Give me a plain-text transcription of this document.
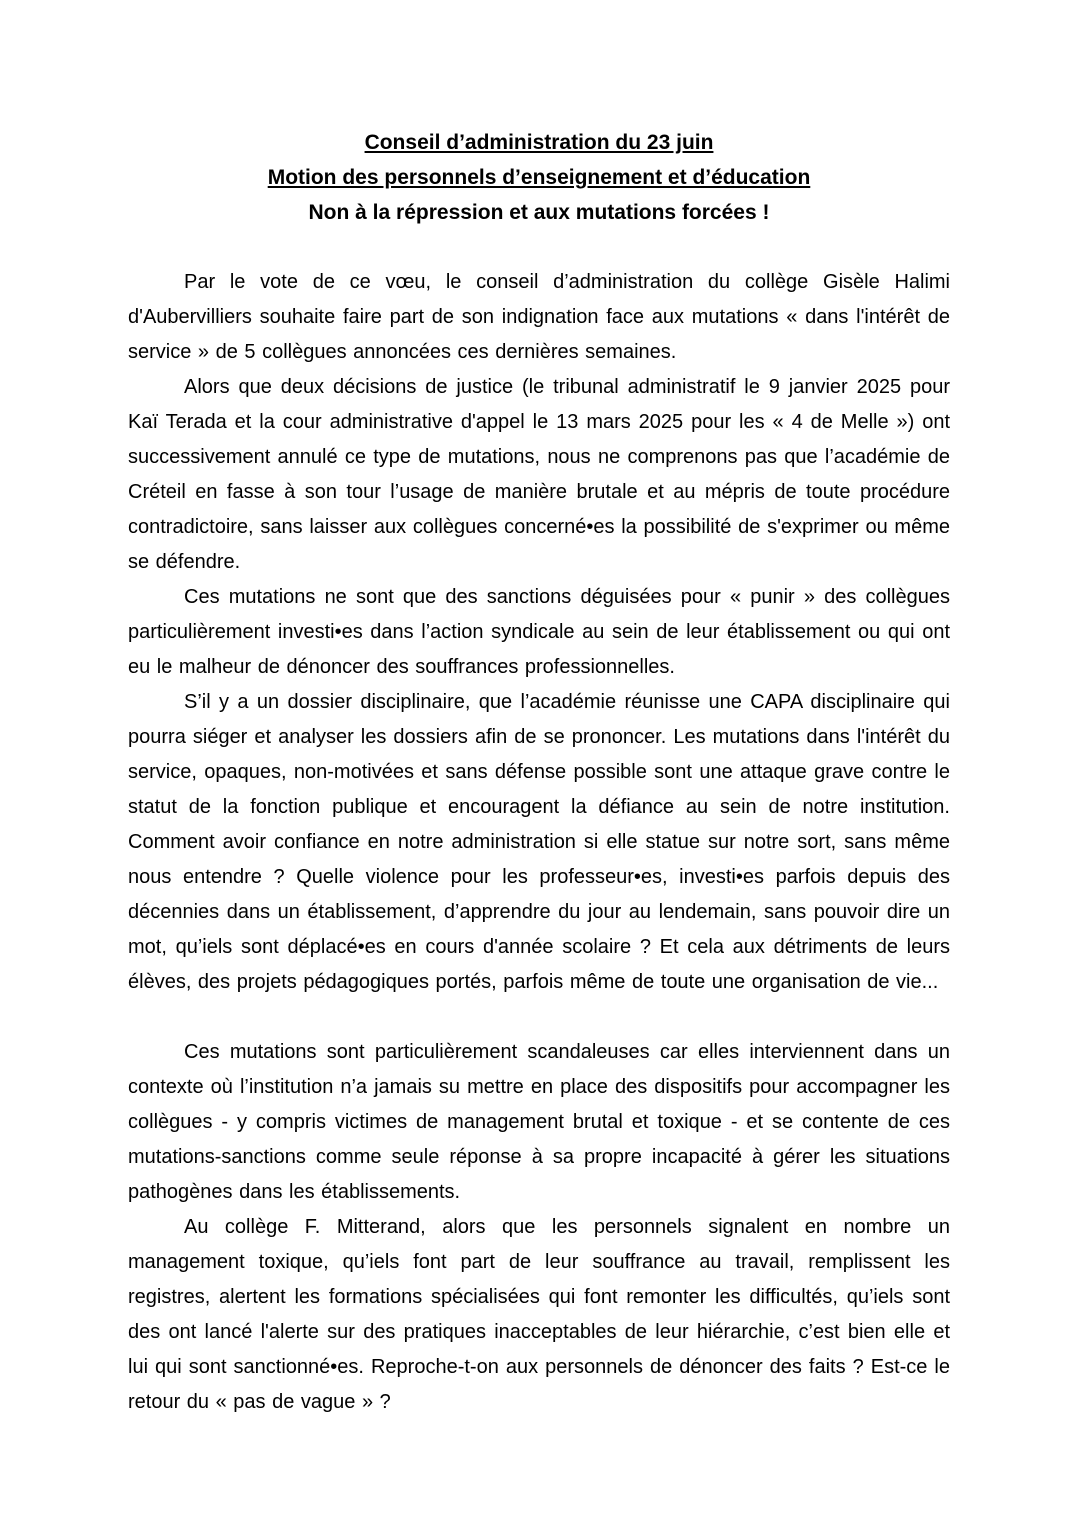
Conseil d’administration du 23 juin
Motion des personnels d’enseignement et d’éducation
Non à la répression et aux mutations forcées !

Par le vote de ce vœu, le conseil d’administration du collège Gisèle Halimi d'Aubervilliers souhaite faire part de son indignation face aux mutations « dans l'intérêt de service » de 5 collègues annoncées ces dernières semaines.

Alors que deux décisions de justice (le tribunal administratif le 9 janvier 2025 pour Kaï Terada et la cour administrative d'appel le 13 mars 2025 pour les « 4 de Melle ») ont successivement annulé ce type de mutations, nous ne comprenons pas que l’académie de Créteil en fasse à son tour l’usage de manière brutale et au mépris de toute procédure contradictoire, sans laisser aux collègues concerné•es la possibilité de s'exprimer ou même se défendre.

Ces mutations ne sont que des sanctions déguisées pour « punir » des collègues particulièrement investi•es dans l’action syndicale au sein de leur établissement ou qui ont eu le malheur de dénoncer des souffrances professionnelles.

S’il y a un dossier disciplinaire, que l’académie réunisse une CAPA disciplinaire qui pourra siéger et analyser les dossiers afin de se prononcer. Les mutations dans l'intérêt du service, opaques, non-motivées et sans défense possible sont une attaque grave contre le statut de la fonction publique et encouragent la défiance au sein de notre institution. Comment avoir confiance en notre administration si elle statue sur notre sort, sans même nous entendre ? Quelle violence pour les professeur•es, investi•es parfois depuis des décennies dans un établissement, d’apprendre du jour au lendemain, sans pouvoir dire un mot, qu’iels sont déplacé•es en cours d'année scolaire ? Et cela aux détriments de leurs élèves, des projets pédagogiques portés, parfois même de toute une organisation de vie...

Ces mutations sont particulièrement scandaleuses car elles interviennent dans un contexte où l’institution n’a jamais su mettre en place des dispositifs pour accompagner les collègues - y compris victimes de management brutal et toxique - et se contente de ces mutations-sanctions comme seule réponse à sa propre incapacité à gérer les situations pathogènes dans les établissements.

Au collège F. Mitterand, alors que les personnels signalent en nombre un management toxique, qu’iels font part de leur souffrance au travail, remplissent les registres, alertent les formations spécialisées qui font remonter les difficultés, qu’iels sont des ont lancé l'alerte sur des pratiques inacceptables de leur hiérarchie, c’est bien elle et lui qui sont sanctionné•es. Reproche-t-on aux personnels de dénoncer des faits ? Est-ce le retour du « pas de vague » ?
